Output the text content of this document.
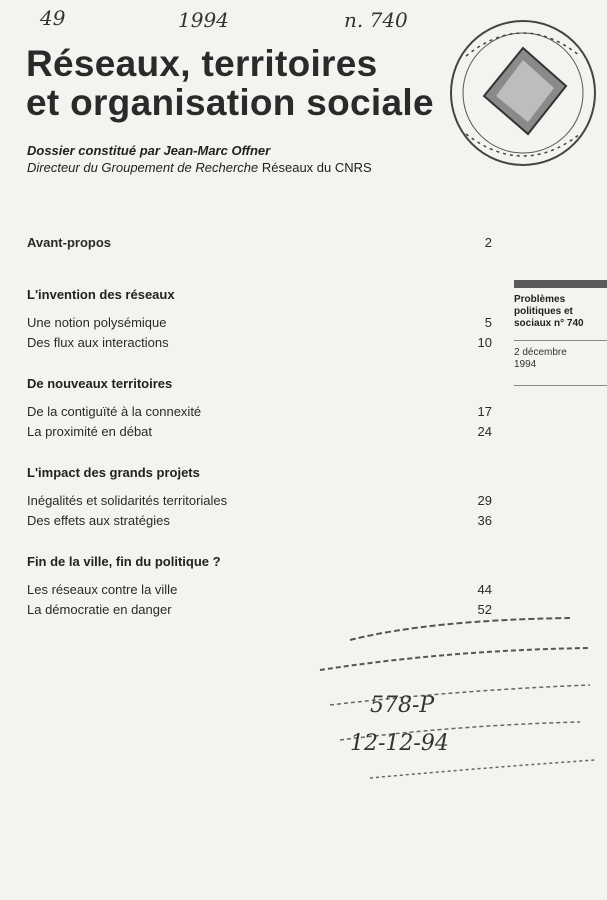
49	1994	n. 740
Réseaux, territoires
et organisation sociale
Dossier constitué par Jean-Marc Offner
Directeur du Groupement de Recherche Réseaux du CNRS
Avant-propos	2
L'invention des réseaux
Une notion polysémique	5
Des flux aux interactions	10
De nouveaux territoires
De la contiguïté à la connexité	17
La proximité en débat	24
L'impact des grands projets
Inégalités et solidarités territoriales	29
Des effets aux stratégies	36
Fin de la ville, fin du politique ?
Les réseaux contre la ville	44
La démocratie en danger	52
Problèmes politiques et sociaux n° 740
2 décembre
1994
578-P
12-12-94
